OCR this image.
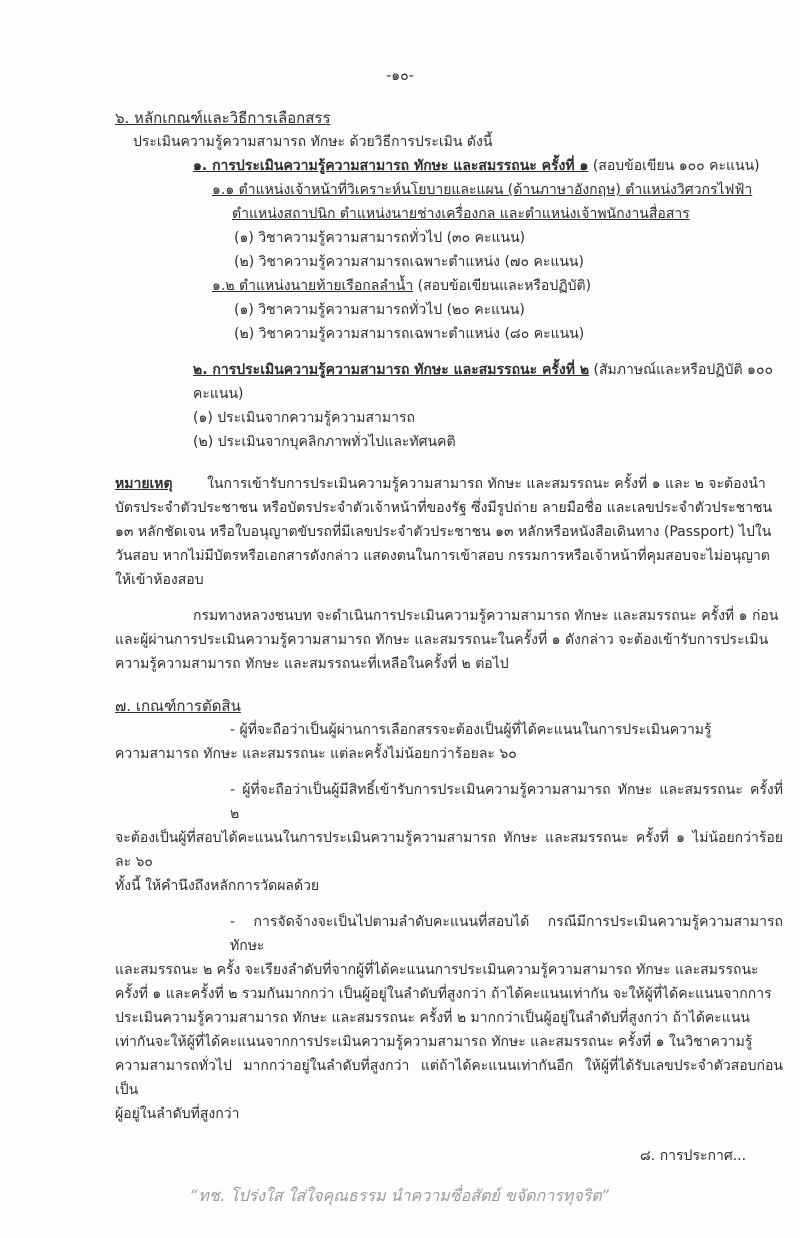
-๑๐-
๖. หลักเกณฑ์และวิธีการเลือกสรร
ประเมินความรู้ความสามารถ ทักษะ ด้วยวิธีการประเมิน ดังนี้
๑. การประเมินความรู้ความสามารถ ทักษะ และสมรรถนะ ครั้งที่ ๑ (สอบข้อเขียน ๑๐๐ คะแนน)
๑.๑ ตำแหน่งเจ้าหน้าที่วิเคราะห์นโยบายและแผน (ด้านภาษาอังกฤษ) ตำแหน่งวิศวกรไฟฟ้า
ตำแหน่งสถาปนิก ตำแหน่งนายช่างเครื่องกล และตำแหน่งเจ้าพนักงานสื่อสาร
(๑) วิชาความรู้ความสามารถทั่วไป (๓๐ คะแนน)
(๒) วิชาความรู้ความสามารถเฉพาะตำแหน่ง (๗๐ คะแนน)
๑.๒ ตำแหน่งนายท้ายเรือกลลำน้ำ (สอบข้อเขียนและหรือปฏิบัติ)
(๑) วิชาความรู้ความสามารถทั่วไป (๒๐ คะแนน)
(๒) วิชาความรู้ความสามารถเฉพาะตำแหน่ง (๘๐ คะแนน)
๒. การประเมินความรู้ความสามารถ ทักษะ และสมรรถนะ ครั้งที่ ๒ (สัมภาษณ์และหรือปฏิบัติ ๑๐๐ คะแนน)
(๑) ประเมินจากความรู้ความสามารถ
(๒) ประเมินจากบุคลิกภาพทั่วไปและทัศนคติ
หมายเหตุ ในการเข้ารับการประเมินความรู้ความสามารถ ทักษะ และสมรรถนะ ครั้งที่ ๑ และ ๒ จะต้องนำ
บัตรประจำตัวประชาชน หรือบัตรประจำตัวเจ้าหน้าที่ของรัฐ ซึ่งมีรูปถ่าย ลายมือชื่อ และเลขประจำตัวประชาชน
๑๓ หลักชัดเจน หรือใบอนุญาตขับรถที่มีเลขประจำตัวประชาชน ๑๓ หลักหรือหนังสือเดินทาง (Passport) ไปใน
วันสอบ หากไม่มีบัตรหรือเอกสารดังกล่าว แสดงตนในการเข้าสอบ กรรมการหรือเจ้าหน้าที่คุมสอบจะไม่อนุญาต
ให้เข้าห้องสอบ
กรมทางหลวงชนบท จะดำเนินการประเมินความรู้ความสามารถ ทักษะ และสมรรถนะ ครั้งที่ ๑ ก่อน
และผู้ผ่านการประเมินความรู้ความสามารถ ทักษะ และสมรรถนะในครั้งที่ ๑ ดังกล่าว จะต้องเข้ารับการประเมิน
ความรู้ความสามารถ ทักษะ และสมรรถนะที่เหลือในครั้งที่ ๒ ต่อไป
๗. เกณฑ์การตัดสิน
- ผู้ที่จะถือว่าเป็นผู้ผ่านการเลือกสรรจะต้องเป็นผู้ที่ได้คะแนนในการประเมินความรู้
ความสามารถ ทักษะ และสมรรถนะ แต่ละครั้งไม่น้อยกว่าร้อยละ ๖๐
- ผู้ที่จะถือว่าเป็นผู้มีสิทธิ์เข้ารับการประเมินความรู้ความสามารถ ทักษะ และสมรรถนะ ครั้งที่ ๒
จะต้องเป็นผู้ที่สอบได้คะแนนในการประเมินความรู้ความสามารถ ทักษะ และสมรรถนะ ครั้งที่ ๑ ไม่น้อยกว่าร้อยละ ๖๐
ทั้งนี้ ให้คำนึงถึงหลักการวัดผลด้วย
- การจัดจ้างจะเป็นไปตามลำดับคะแนนที่สอบได้ กรณีมีการประเมินความรู้ความสามารถ ทักษะ
และสมรรถนะ ๒ ครั้ง จะเรียงลำดับที่จากผู้ที่ได้คะแนนการประเมินความรู้ความสามารถ ทักษะ และสมรรถนะ
ครั้งที่ ๑ และครั้งที่ ๒ รวมกันมากกว่า เป็นผู้อยู่ในลำดับที่สูงกว่า ถ้าได้คะแนนเท่ากัน จะให้ผู้ที่ได้คะแนนจากการ
ประเมินความรู้ความสามารถ ทักษะ และสมรรถนะ ครั้งที่ ๒ มากกว่าเป็นผู้อยู่ในลำดับที่สูงกว่า ถ้าได้คะแนน
เท่ากันจะให้ผู้ที่ได้คะแนนจากการประเมินความรู้ความสามารถ ทักษะ และสมรรถนะ ครั้งที่ ๑ ในวิชาความรู้
ความสามารถทั่วไป มากกว่าอยู่ในลำดับที่สูงกว่า แต่ถ้าได้คะแนนเท่ากันอีก ให้ผู้ที่ได้รับเลขประจำตัวสอบก่อนเป็น
ผู้อยู่ในลำดับที่สูงกว่า
๘. การประกาศ...
“ทช. โปร่งใส ใส่ใจคุณธรรม นำความซื่อสัตย์ ขจัดการทุจริต”
